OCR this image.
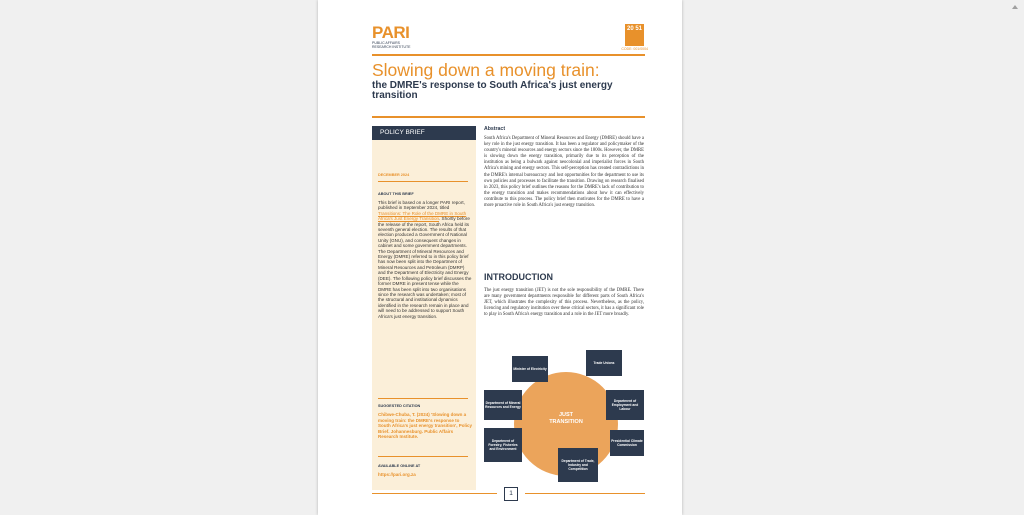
PARI
PUBLIC AFFAIRS RESEARCH INSTITUTE
20 51
CODE: 001/0004
Slowing down a moving train:
the DMRE's response to South Africa's just energy transition
POLICY BRIEF
DECEMBER 2024
ABOUT THIS BRIEF
This brief is based on a longer PARI report, published in September 2024, titled Transitions: The Role of the DMRE in South Africa's Just Energy Transition. Shortly before the release of the report, South Africa held its seventh general election. The results of that election produced a Government of National Unity (GNU), and consequent changes in cabinet and some government departments. The Department of Mineral Resources and Energy (DMRE) referred to in this policy brief has now been split into the Department of Mineral Resources and Petroleum (DMRP) and the Department of Electricity and Energy (DEE). The following policy brief discusses the former DMRE in present tense while the DMRE has been split into two organisations since the research was undertaken; most of the structural and institutional dynamics identified in the research remain in place and will need to be addressed to support South Africa's just energy transition.
SUGGESTED CITATION
Chibwe-Chuba, T. (2024) 'Slowing down a moving train: the DMRE's response to South Africa's just energy transition', Policy Brief. Johannesburg. Public Affairs Research Institute.
AVAILABLE ONLINE AT
https://pari.org.za
Abstract
South Africa's Department of Mineral Resources and Energy (DMRE) should have a key role in the just energy transition. It has been a regulator and policymaker of the country's mineral resources and energy sectors since the 1800s. However, the DMRE is slowing down the energy transition, primarily due to its perception of the institution as being a bulwark against neocolonial and imperialist forces in South Africa's mining and energy sectors. This self-perception has created contradictions in the DMRE's internal bureaucracy and lost opportunities for the department to use its own policies and processes to facilitate the transition. Drawing on research finalised in 2023, this policy brief outlines the reasons for the DMRE's lack of contribution to the energy transition and makes recommendations about how it can effectively contribute to this process. The policy brief then motivates for the DMRE to have a more proactive role in South Africa's just energy transition.
INTRODUCTION
The just energy transition (JET) is not the sole responsibility of the DMRE. There are many government departments responsible for different parts of South Africa's JET, which illustrates the complexity of this process. Nevertheless, as the policy, licencing and regulatory institution over these critical sectors, it has a significant role to play in South Africa's energy transition and a role in the JET more broadly.
JUST TRANSITION
Minister of Electricity
Trade Unions
Department of Mineral Resources and Energy
Department of Employment and Labour
Presidential Climate Commission
Department of Trade, Industry and Competition
Department of Forestry, Fisheries and Environment
1
